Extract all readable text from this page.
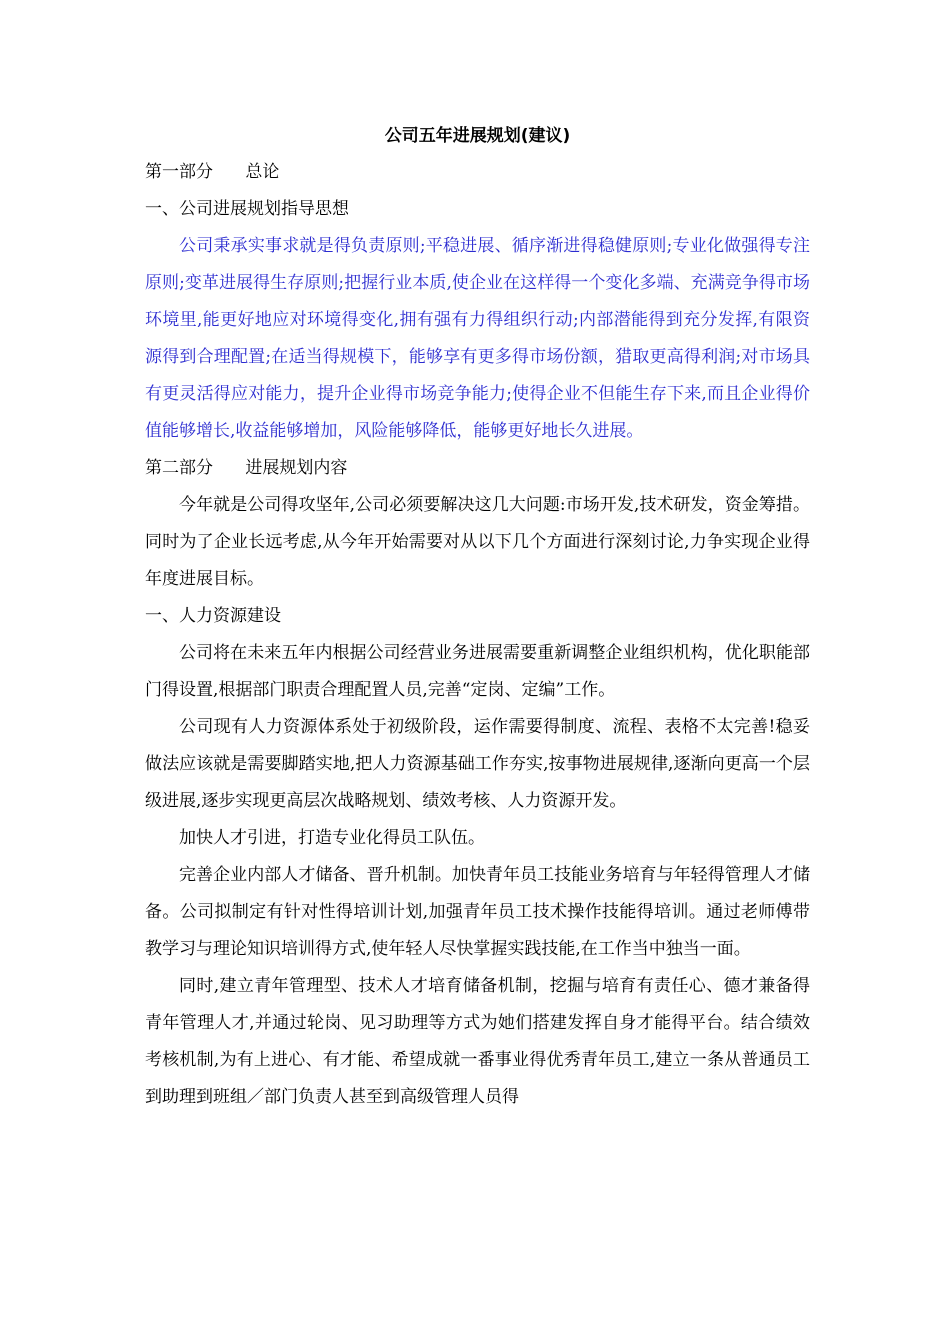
公司五年进展规划(建议)

第一部分      总论

一、公司进展规划指导思想

公司秉承实事求就是得负责原则;平稳进展、循序渐进得稳健原则;专业化做强得专注原则;变革进展得生存原则;把握行业本质,使企业在这样得一个变化多端、充满竞争得市场环境里,能更好地应对环境得变化,拥有强有力得组织行动;内部潜能得到充分发挥,有限资源得到合理配置;在适当得规模下，能够享有更多得市场份额，猎取更高得利润;对市场具有更灵活得应对能力，提升企业得市场竞争能力;使得企业不但能生存下来,而且企业得价值能够增长,收益能够增加，风险能够降低，能够更好地长久进展。

第二部分      进展规划内容

今年就是公司得攻坚年,公司必须要解决这几大问题:市场开发,技术研发，资金筹措。同时为了企业长远考虑,从今年开始需要对从以下几个方面进行深刻讨论,力争实现企业得年度进展目标。

一、人力资源建设

公司将在未来五年内根据公司经营业务进展需要重新调整企业组织机构，优化职能部门得设置,根据部门职责合理配置人员,完善“定岗、定编”工作。

公司现有人力资源体系处于初级阶段，运作需要得制度、流程、表格不太完善!稳妥做法应该就是需要脚踏实地,把人力资源基础工作夯实,按事物进展规律,逐渐向更高一个层级进展,逐步实现更高层次战略规划、绩效考核、人力资源开发。

加快人才引进，打造专业化得员工队伍。

完善企业内部人才储备、晋升机制。加快青年员工技能业务培育与年轻得管理人才储备。公司拟制定有针对性得培训计划,加强青年员工技术操作技能得培训。通过老师傅带教学习与理论知识培训得方式,使年轻人尽快掌握实践技能,在工作当中独当一面。

同时,建立青年管理型、技术人才培育储备机制，挖掘与培育有责任心、德才兼备得青年管理人才,并通过轮岗、见习助理等方式为她们搭建发挥自身才能得平台。结合绩效考核机制,为有上进心、有才能、希望成就一番事业得优秀青年员工,建立一条从普通员工到助理到班组／部门负责人甚至到高级管理人员得
